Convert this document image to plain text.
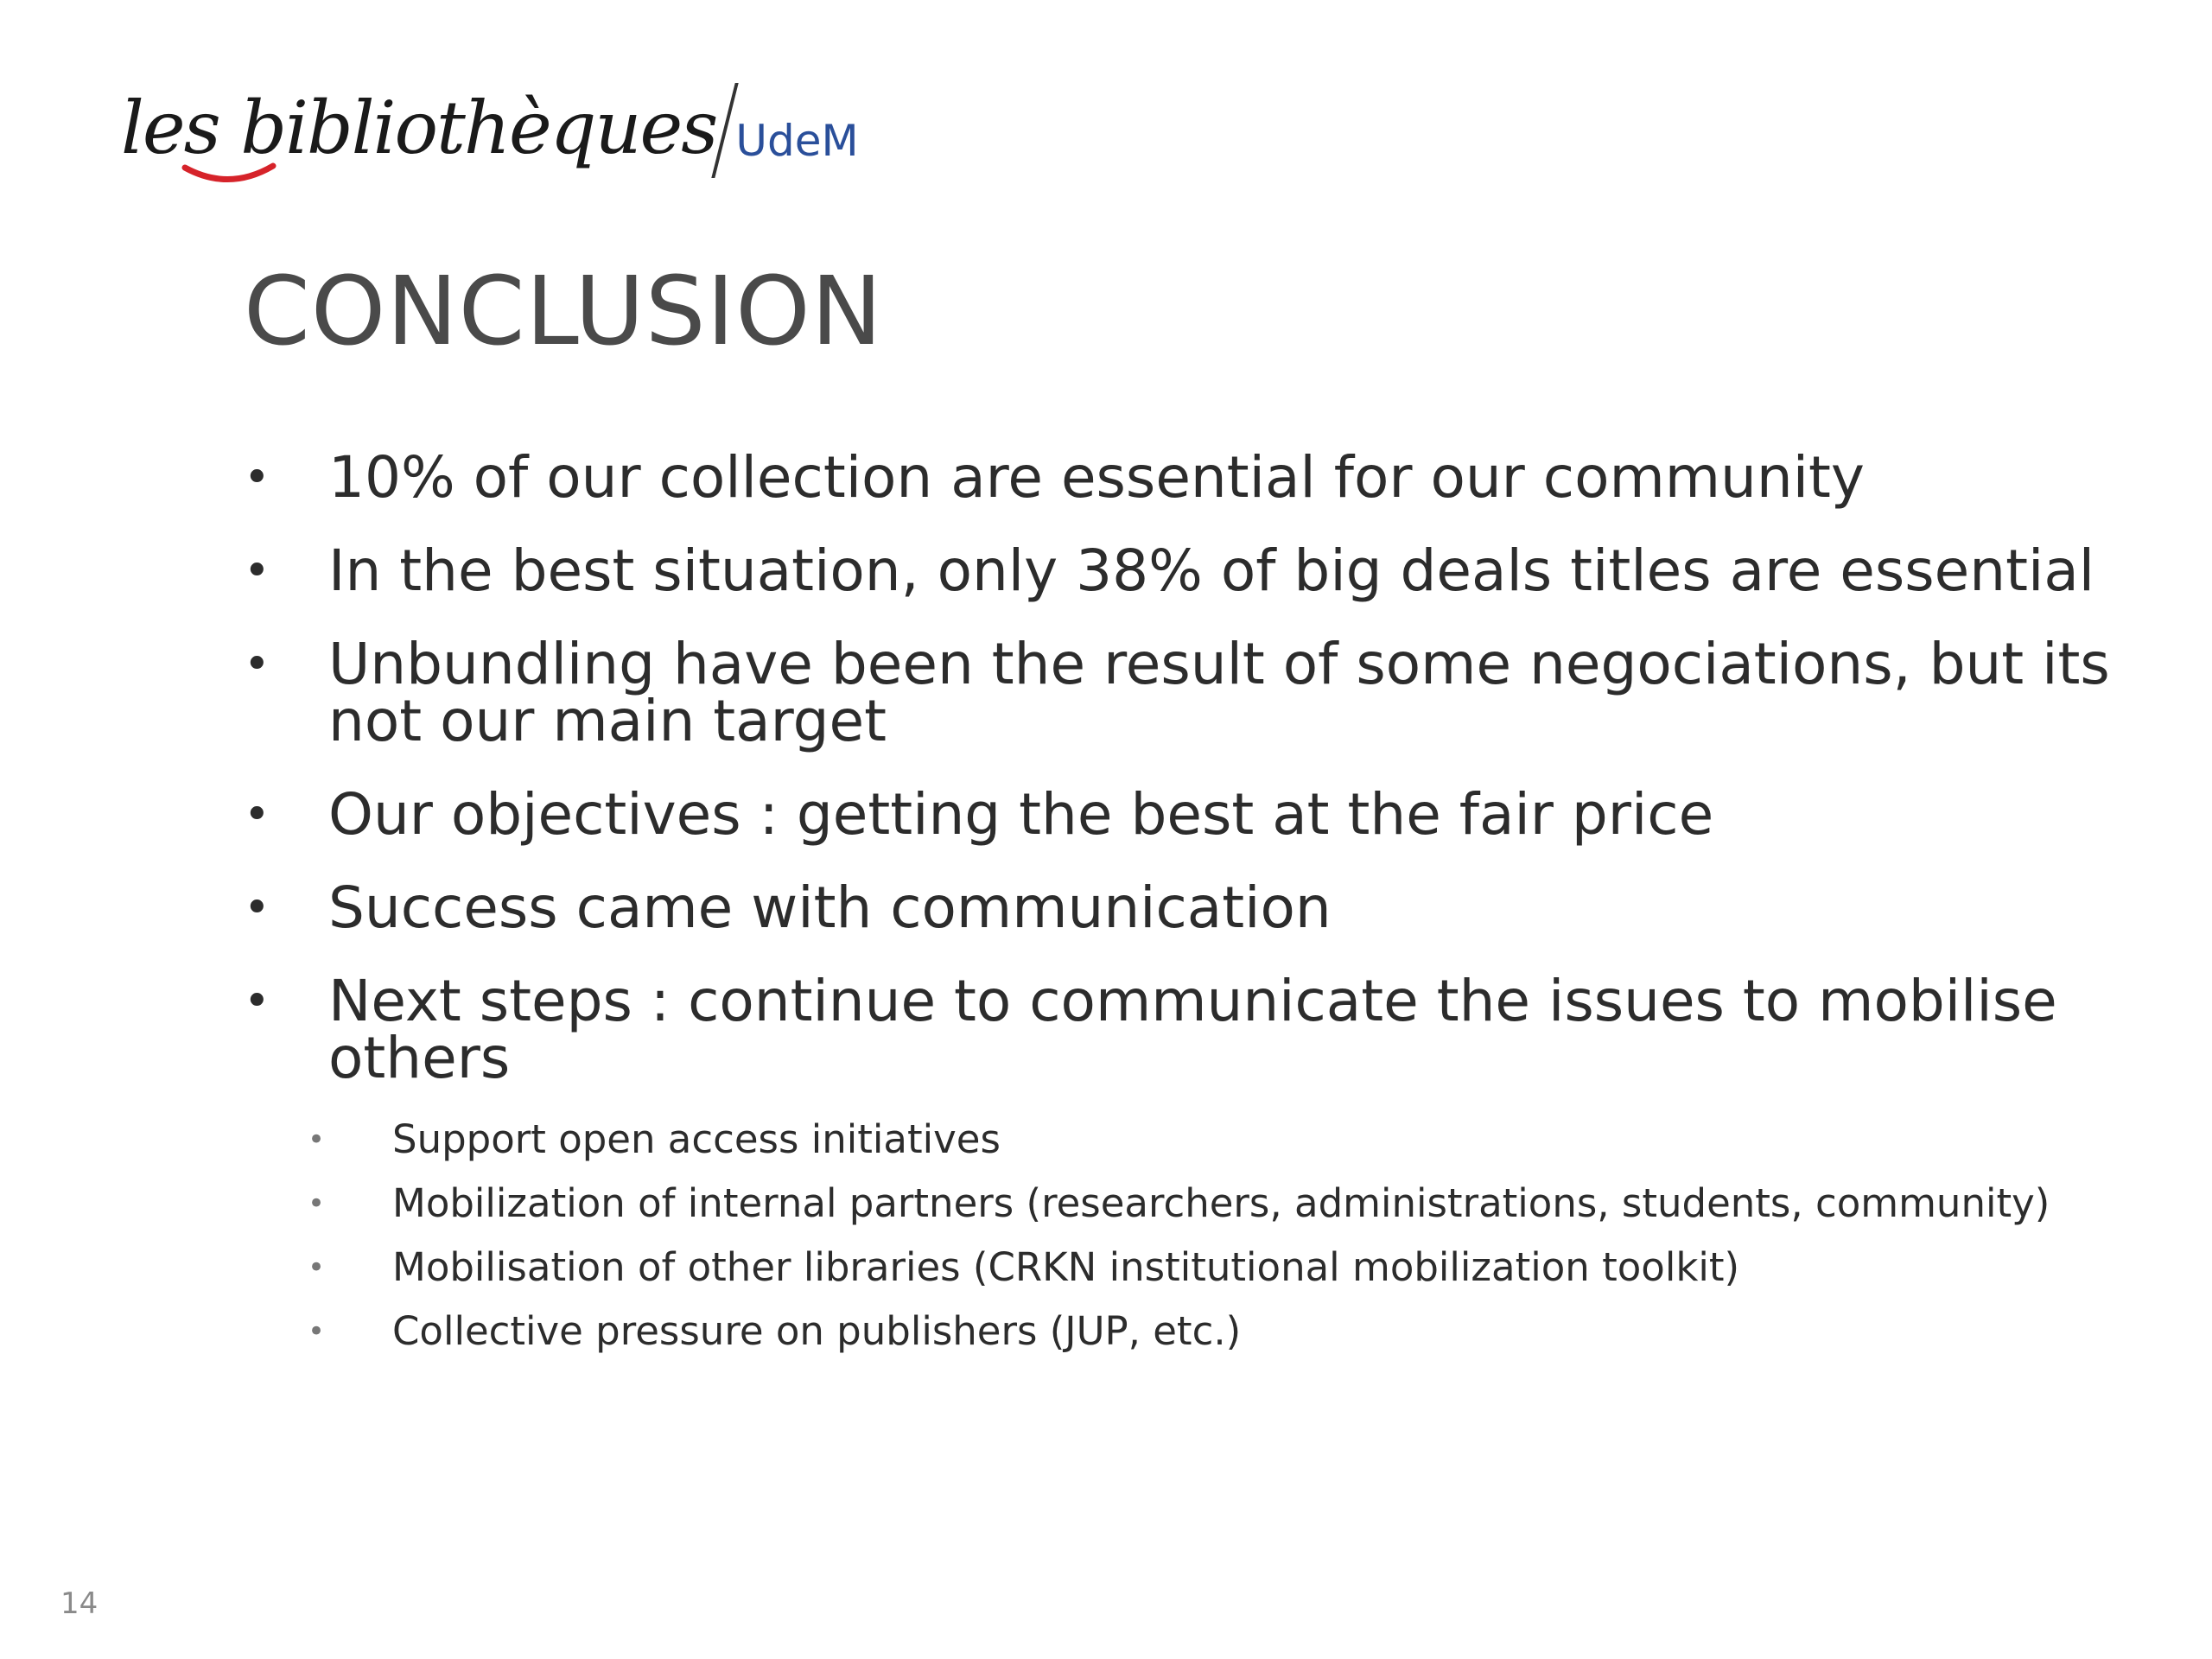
les bibliothèques UdeM
CONCLUSION
• 10% of our collection are essential for our community
• In the best situation, only 38% of big deals titles are essential
• Unbundling have been the result of some negociations, but its not our main target
• Our objectives : getting the best at the fair price
• Success came with communication
• Next steps : continue to communicate the issues to mobilise others
• Support open access initiatives
• Mobilization of internal partners (researchers, administrations, students, community)
• Mobilisation of other libraries (CRKN institutional mobilization toolkit)
• Collective pressure on publishers (JUP, etc.)
14
